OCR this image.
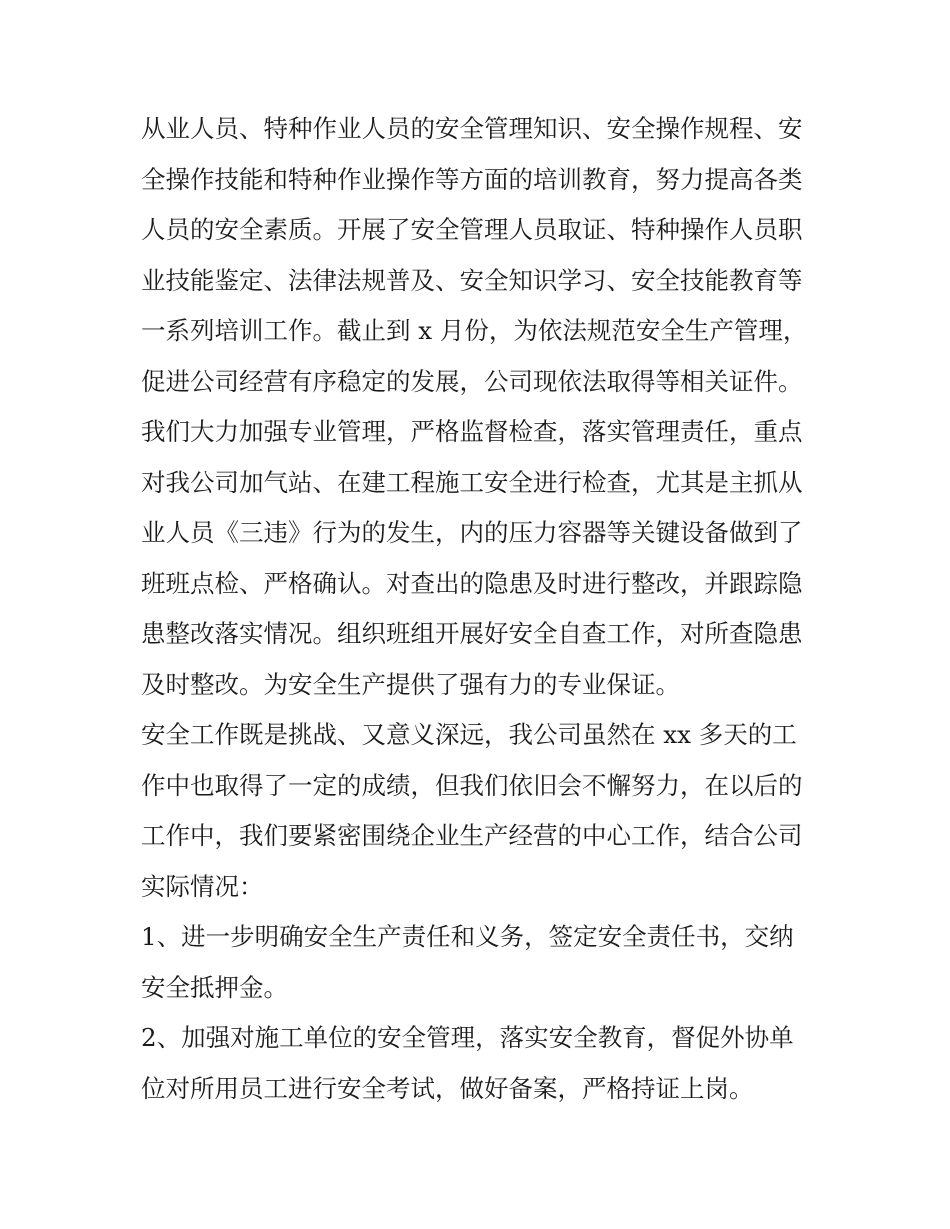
从业人员、特种作业人员的安全管理知识、安全操作规程、安
全操作技能和特种作业操作等方面的培训教育，努力提高各类
人员的安全素质。开展了安全管理人员取证、特种操作人员职
业技能鉴定、法律法规普及、安全知识学习、安全技能教育等
一系列培训工作。截止到 x 月份，为依法规范安全生产管理，
促进公司经营有序稳定的发展，公司现依法取得等相关证件。

我们大力加强专业管理，严格监督检查，落实管理责任，重点
对我公司加气站、在建工程施工安全进行检查，尤其是主抓从
业人员《三违》行为的发生，内的压力容器等关键设备做到了
班班点检、严格确认。对查出的隐患及时进行整改，并跟踪隐
患整改落实情况。组织班组开展好安全自查工作，对所查隐患
及时整改。为安全生产提供了强有力的专业保证。

安全工作既是挑战、又意义深远，我公司虽然在 xx 多天的工
作中也取得了一定的成绩，但我们依旧会不懈努力，在以后的
工作中，我们要紧密围绕企业生产经营的中心工作，结合公司
实际情况：

1、进一步明确安全生产责任和义务，签定安全责任书，交纳
安全抵押金。

2、加强对施工单位的安全管理，落实安全教育，督促外协单
位对所用员工进行安全考试，做好备案，严格持证上岗。
